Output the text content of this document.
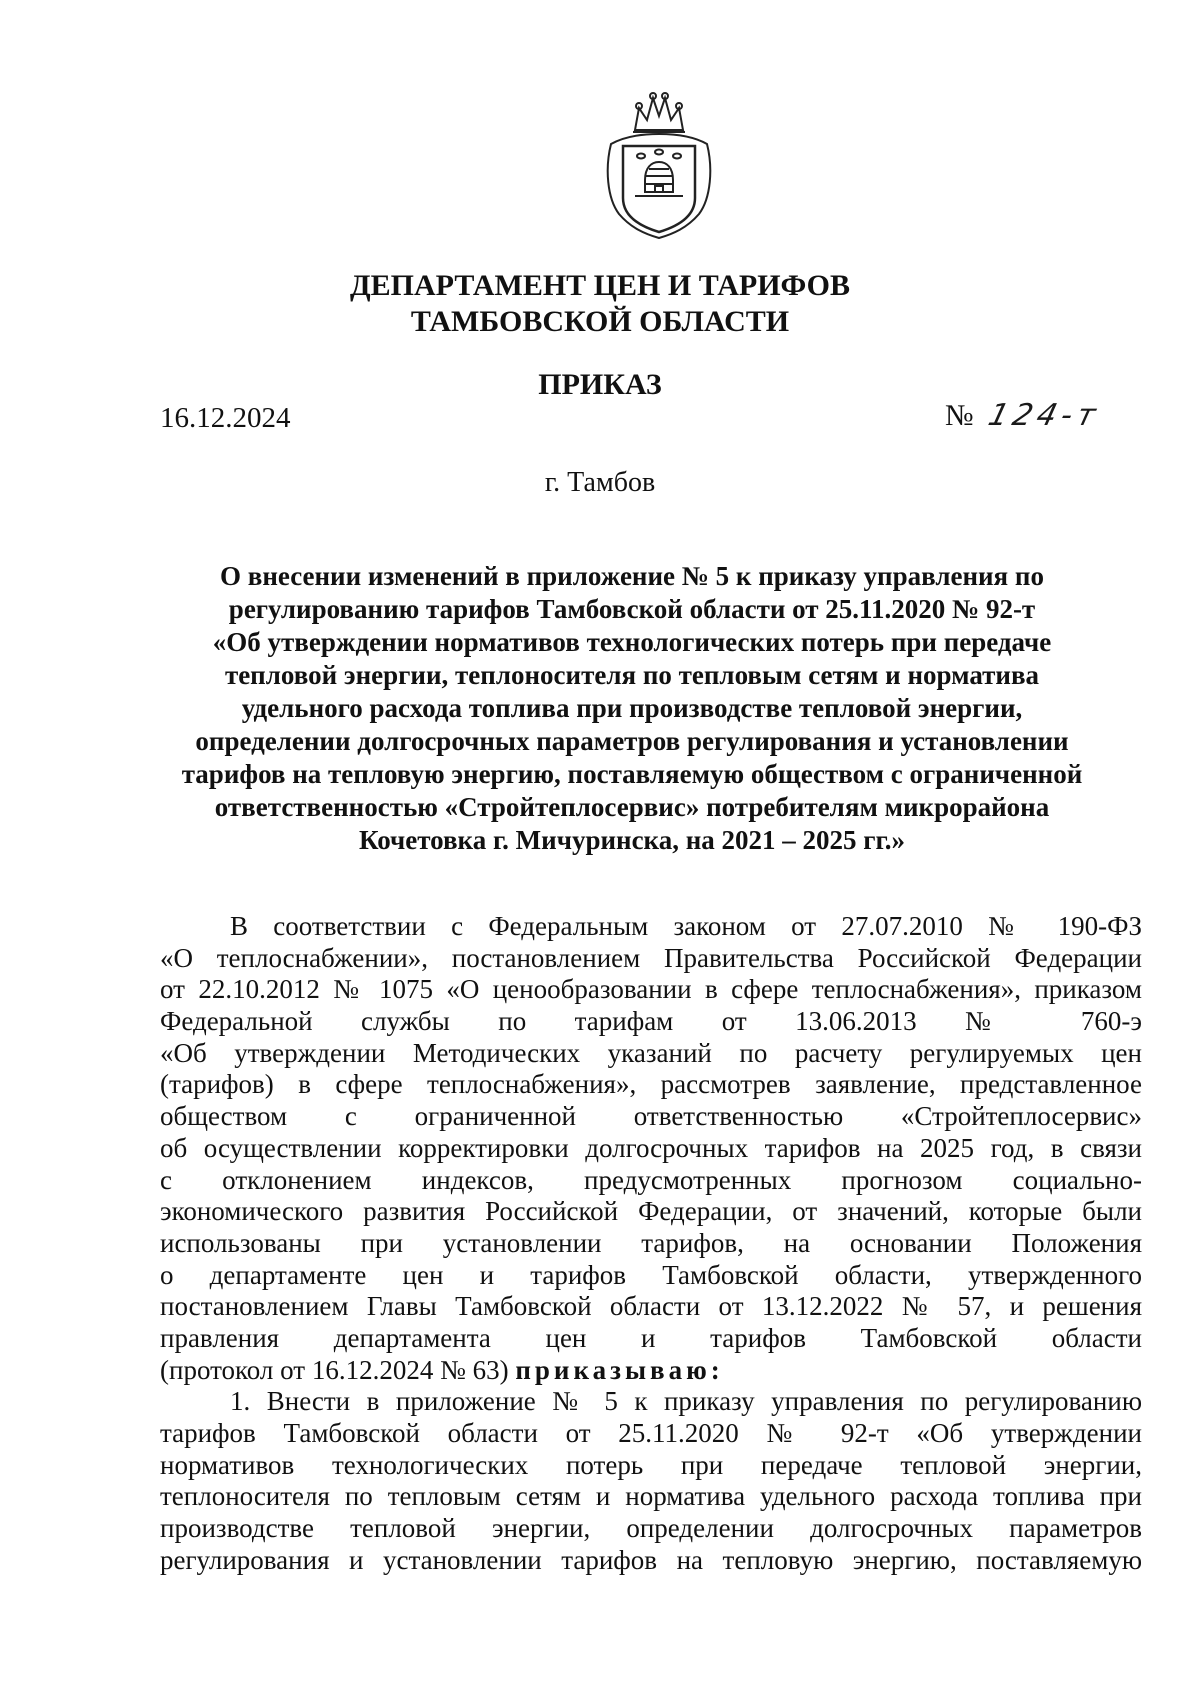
ДЕПАРТАМЕНТ ЦЕН И ТАРИФОВ
ТАМБОВСКОЙ ОБЛАСТИ
ПРИКАЗ
16.12.2024	№ 124-т
г. Тамбов
О внесении изменений в приложение № 5 к приказу управления по
регулированию тарифов Тамбовской области от 25.11.2020 № 92-т
«Об утверждении нормативов технологических потерь при передаче
тепловой энергии, теплоносителя по тепловым сетям и норматива
удельного расхода топлива при производстве тепловой энергии,
определении долгосрочных параметров регулирования и установлении
тарифов на тепловую энергию, поставляемую обществом с ограниченной
ответственностью «Стройтеплосервис» потребителям микрорайона
Кочетовка г. Мичуринска, на 2021 – 2025 гг.»
В соответствии с Федеральным законом от 27.07.2010 № 190-ФЗ
«О теплоснабжении», постановлением Правительства Российской Федерации
от 22.10.2012 № 1075 «О ценообразовании в сфере теплоснабжения», приказом
Федеральной службы по тарифам от 13.06.2013 № 760-э
«Об утверждении Методических указаний по расчету регулируемых цен
(тарифов) в сфере теплоснабжения», рассмотрев заявление, представленное
обществом с ограниченной ответственностью «Стройтеплосервис»
об осуществлении корректировки долгосрочных тарифов на 2025 год, в связи
с отклонением индексов, предусмотренных прогнозом социально-
экономического развития Российской Федерации, от значений, которые были
использованы при установлении тарифов, на основании Положения
о департаменте цен и тарифов Тамбовской области, утвержденного
постановлением Главы Тамбовской области от 13.12.2022 № 57, и решения
правления департамента цен и тарифов Тамбовской области
(протокол от 16.12.2024 № 63) приказываю:
1. Внести в приложение № 5 к приказу управления по регулированию
тарифов Тамбовской области от 25.11.2020 № 92-т «Об утверждении
нормативов технологических потерь при передаче тепловой энергии,
теплоносителя по тепловым сетям и норматива удельного расхода топлива при
производстве тепловой энергии, определении долгосрочных параметров
регулирования и установлении тарифов на тепловую энергию, поставляемую
